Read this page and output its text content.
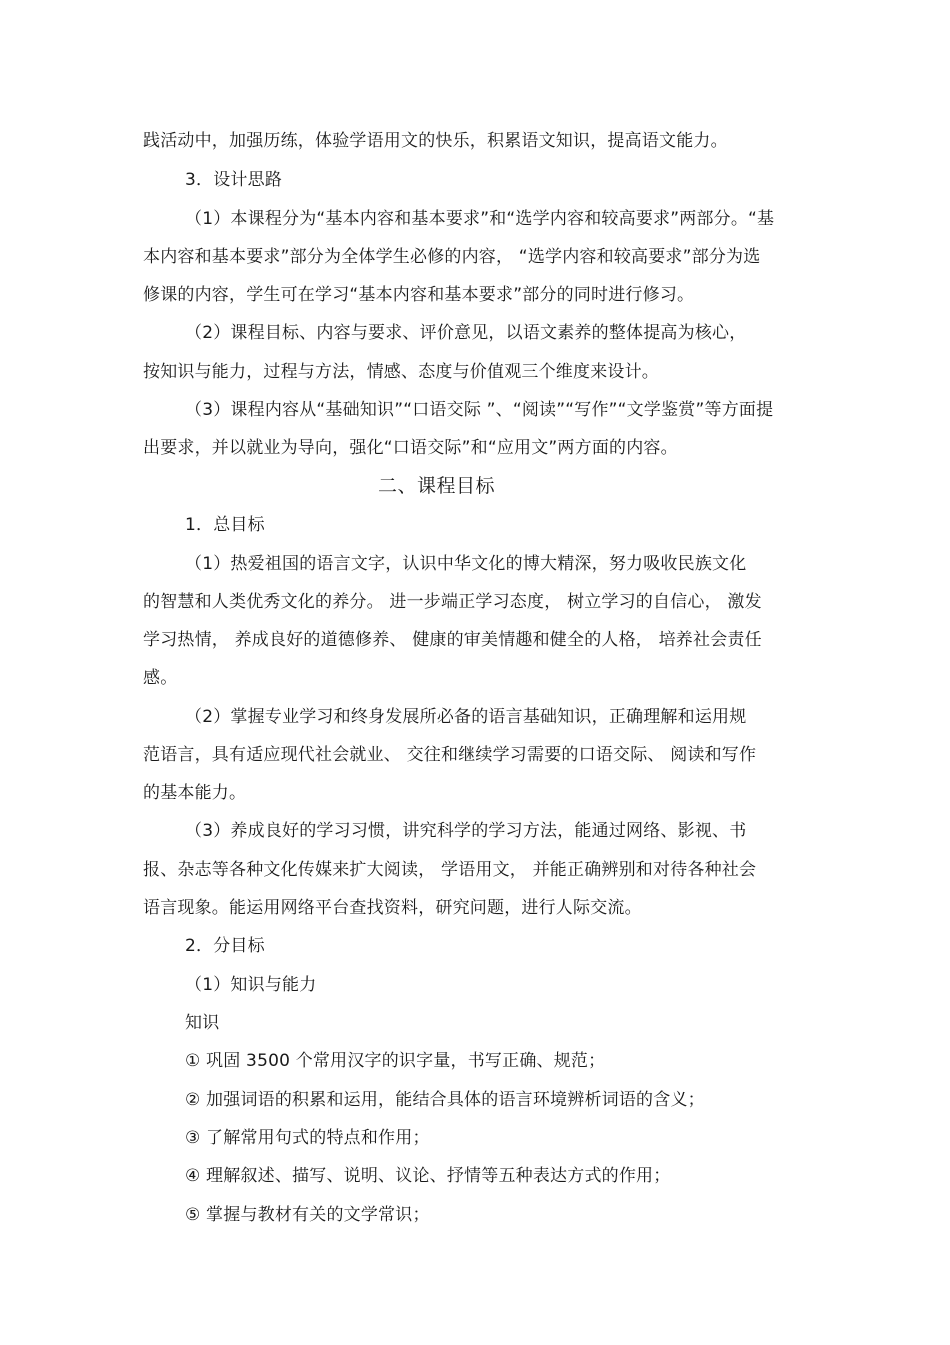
践活动中，加强历练，体验学语用文的快乐，积累语文知识，提高语文能力。
3．设计思路
（1）本课程分为“基本内容和基本要求”和“选学内容和较高要求”两部分。“基
本内容和基本要求”部分为全体学生必修的内容， “选学内容和较高要求”部分为选
修课的内容，学生可在学习“基本内容和基本要求”部分的同时进行修习。
（2）课程目标、内容与要求、评价意见，以语文素养的整体提高为核心，
按知识与能力，过程与方法，情感、态度与价值观三个维度来设计。
（3）课程内容从“基础知识”“口语交际 ”、“阅读”“写作”“文学鉴赏”等方面提
出要求，并以就业为导向，强化“口语交际”和“应用文”两方面的内容。
二、课程目标
1．总目标
（1）热爱祖国的语言文字，认识中华文化的博大精深，努力吸收民族文化
的智慧和人类优秀文化的养分。 进一步端正学习态度， 树立学习的自信心， 激发
学习热情， 养成良好的道德修养、 健康的审美情趣和健全的人格， 培养社会责任
感。
（2）掌握专业学习和终身发展所必备的语言基础知识，正确理解和运用规
范语言，具有适应现代社会就业、 交往和继续学习需要的口语交际、 阅读和写作
的基本能力。
（3）养成良好的学习习惯，讲究科学的学习方法，能通过网络、影视、书
报、杂志等各种文化传媒来扩大阅读， 学语用文， 并能正确辨别和对待各种社会
语言现象。能运用网络平台查找资料，研究问题，进行人际交流。
2．分目标
（1）知识与能力
知识
① 巩固 3500 个常用汉字的识字量，书写正确、规范；
② 加强词语的积累和运用，能结合具体的语言环境辨析词语的含义；
③ 了解常用句式的特点和作用；
④ 理解叙述、描写、说明、议论、抒情等五种表达方式的作用；
⑤ 掌握与教材有关的文学常识；
